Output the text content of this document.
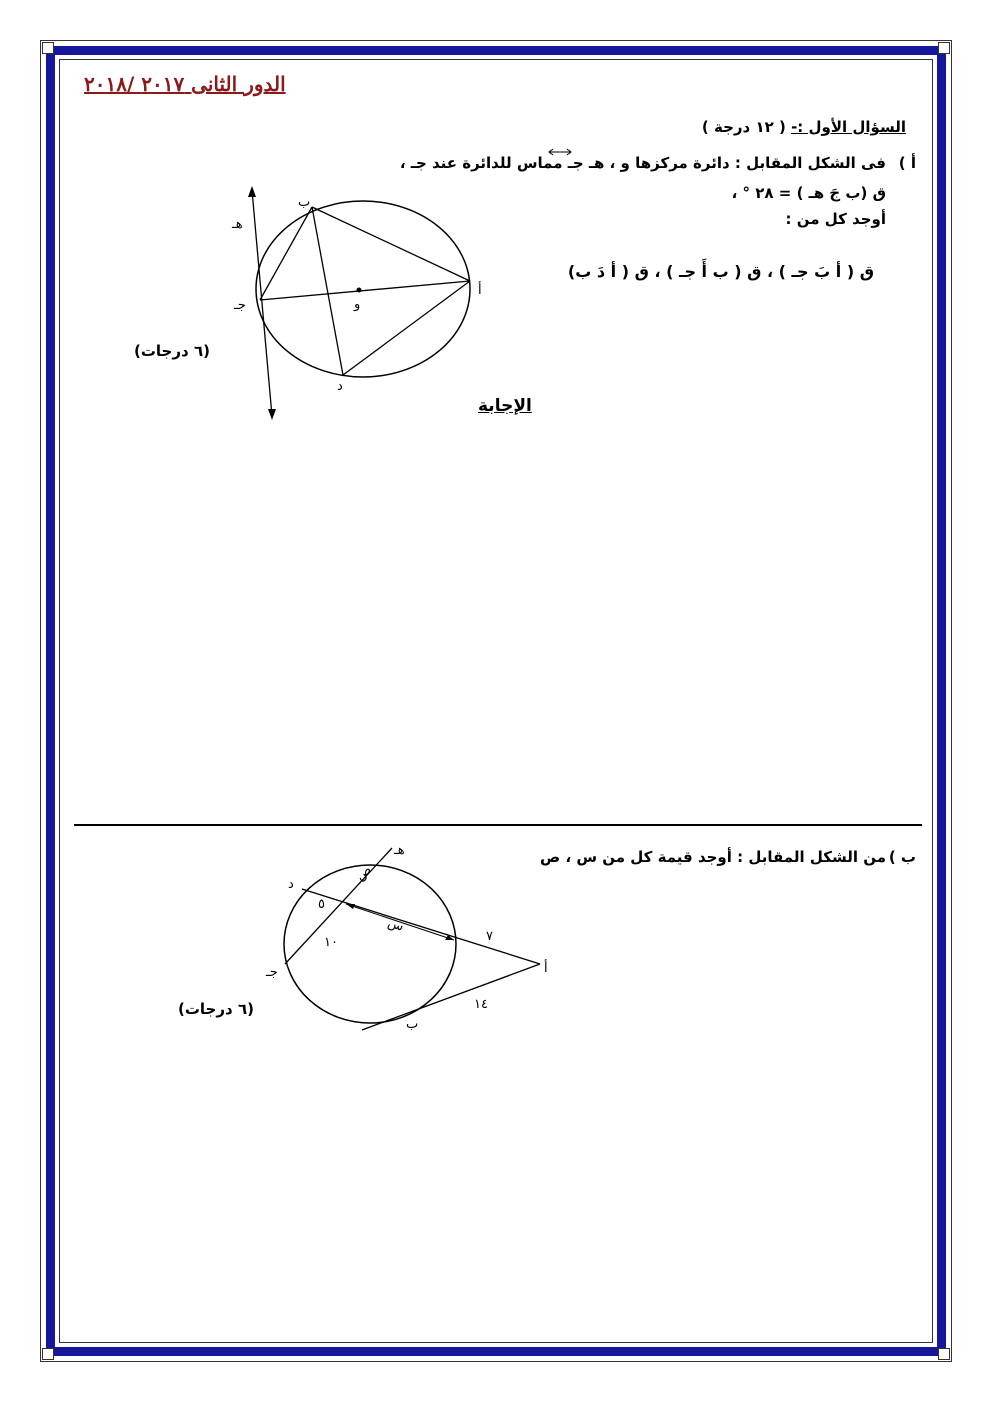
الدور الثانى ٢٠١٧ /٢٠١٨
السؤال الأول :- ( ١٢ درجة )
أ )
فى الشكل المقابل : دائرة مركزها و ، هـ جـ مماس للدائرة عند جـ ،
ق (ب جَ هـ ) = ٢٨ ° ،
أوجد كل من :
ق ( أ بَ جـ ) ، ق ( ب أَ جـ ) ، ق ( أ دَ ب)
(٦ درجات)
هـ
ب
جـ	و
أ
د
الإجابة
ب )
من الشكل المقابل : أوجد قيمة كل من س ، ص
(٦ درجات)
هـ
د
ص
٥
س
١٠	٧
جـ	أ
١٤
ب
